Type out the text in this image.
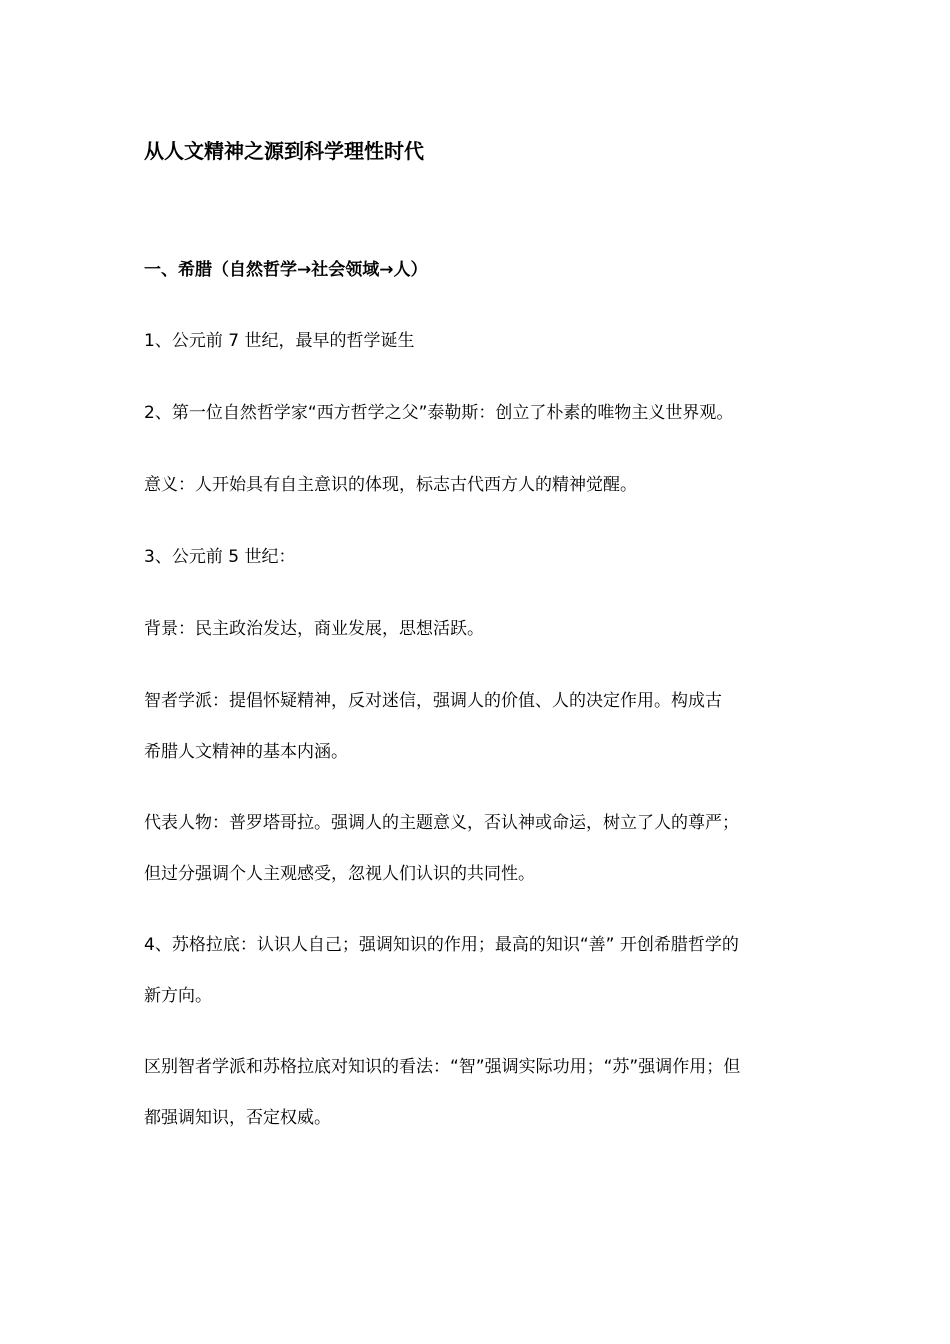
从人文精神之源到科学理性时代
一、希腊（自然哲学→社会领域→人）

1、公元前 7 世纪，最早的哲学诞生

2、第一位自然哲学家“西方哲学之父”泰勒斯：创立了朴素的唯物主义世界观。

意义：人开始具有自主意识的体现，标志古代西方人的精神觉醒。

3、公元前 5 世纪：

背景：民主政治发达，商业发展，思想活跃。

智者学派：提倡怀疑精神，反对迷信，强调人的价值、人的决定作用。构成古
希腊人文精神的基本内涵。

代表人物：普罗塔哥拉。强调人的主题意义，否认神或命运，树立了人的尊严；
但过分强调个人主观感受，忽视人们认识的共同性。

4、苏格拉底：认识人自己；强调知识的作用；最高的知识“善” 开创希腊哲学的
新方向。

区别智者学派和苏格拉底对知识的看法：“智”强调实际功用；“苏”强调作用；但
都强调知识，否定权威。
